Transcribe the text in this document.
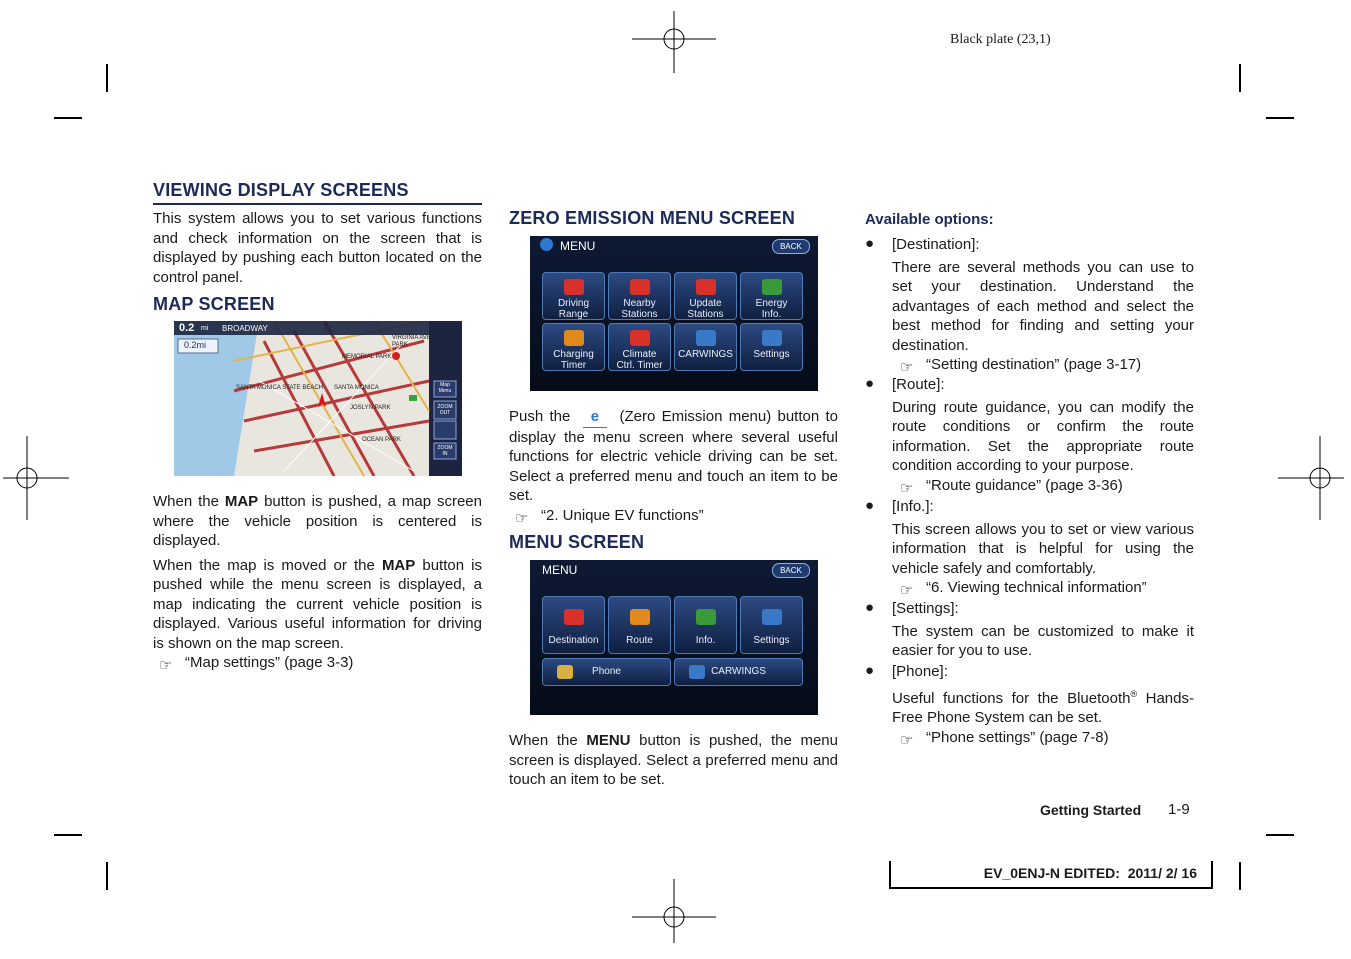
Black plate (23,1)
VIEWING DISPLAY SCREENS

This system allows you to set various functions and check information on the screen that is displayed by pushing each button located on the control panel.

MAP SCREEN
0.2 mi BROADWAY
0.2mi
VIRGINIA AVE PARK
MEMORIAL PARK
SANTA MONICA STATE BEACH SANTA MONICA
JOSLYN PARK
OCEAN PARK
Map Menu
ZOOM OUT
ZOOM IN

When the MAP button is pushed, a map screen where the vehicle position is centered is displayed.

When the map is moved or the MAP button is pushed while the menu screen is displayed, a map indicating the current vehicle position is displayed. Various useful information for driving is shown on the map screen.

☞ “Map settings” (page 3-3)
ZERO EMISSION MENU SCREEN
MENU	BACK
Driving
Range
Nearby
Stations
Update
Stations
Energy
Info.
Charging
Timer
Climate
Ctrl. Timer
CARWINGS	Settings

Push the e (Zero Emission menu) button to display the menu screen where several useful functions for electric vehicle driving can be set. Select a preferred menu and touch an item to be set.

☞ “2. Unique EV functions”
MENU SCREEN
MENU	BACK
Destination	Route	Info.	Settings
Phone	CARWINGS

When the MENU button is pushed, the menu screen is displayed. Select a preferred menu and touch an item to be set.

Available options:
● [Destination]:

There are several methods you can use to set your destination. Understand the advantages of each method and select the best method for finding and setting your destination.

☞ “Setting destination” (page 3-17)
● [Route]:

During route guidance, you can modify the route conditions or confirm the route information. Set the appropriate route condition according to your purpose.

☞ “Route guidance” (page 3-36)
● [Info.]:

This screen allows you to set or view various information that is helpful for using the vehicle safely and comfortably.

☞ “6. Viewing technical information”
● [Settings]:

The system can be customized to make it easier for you to use.

● [Phone]:

Useful functions for the Bluetooth® Hands-Free Phone System can be set.

☞ “Phone settings” (page 7-8)
Getting Started 1-9
EV_0ENJ-N EDITED:  2011/ 2/ 16
